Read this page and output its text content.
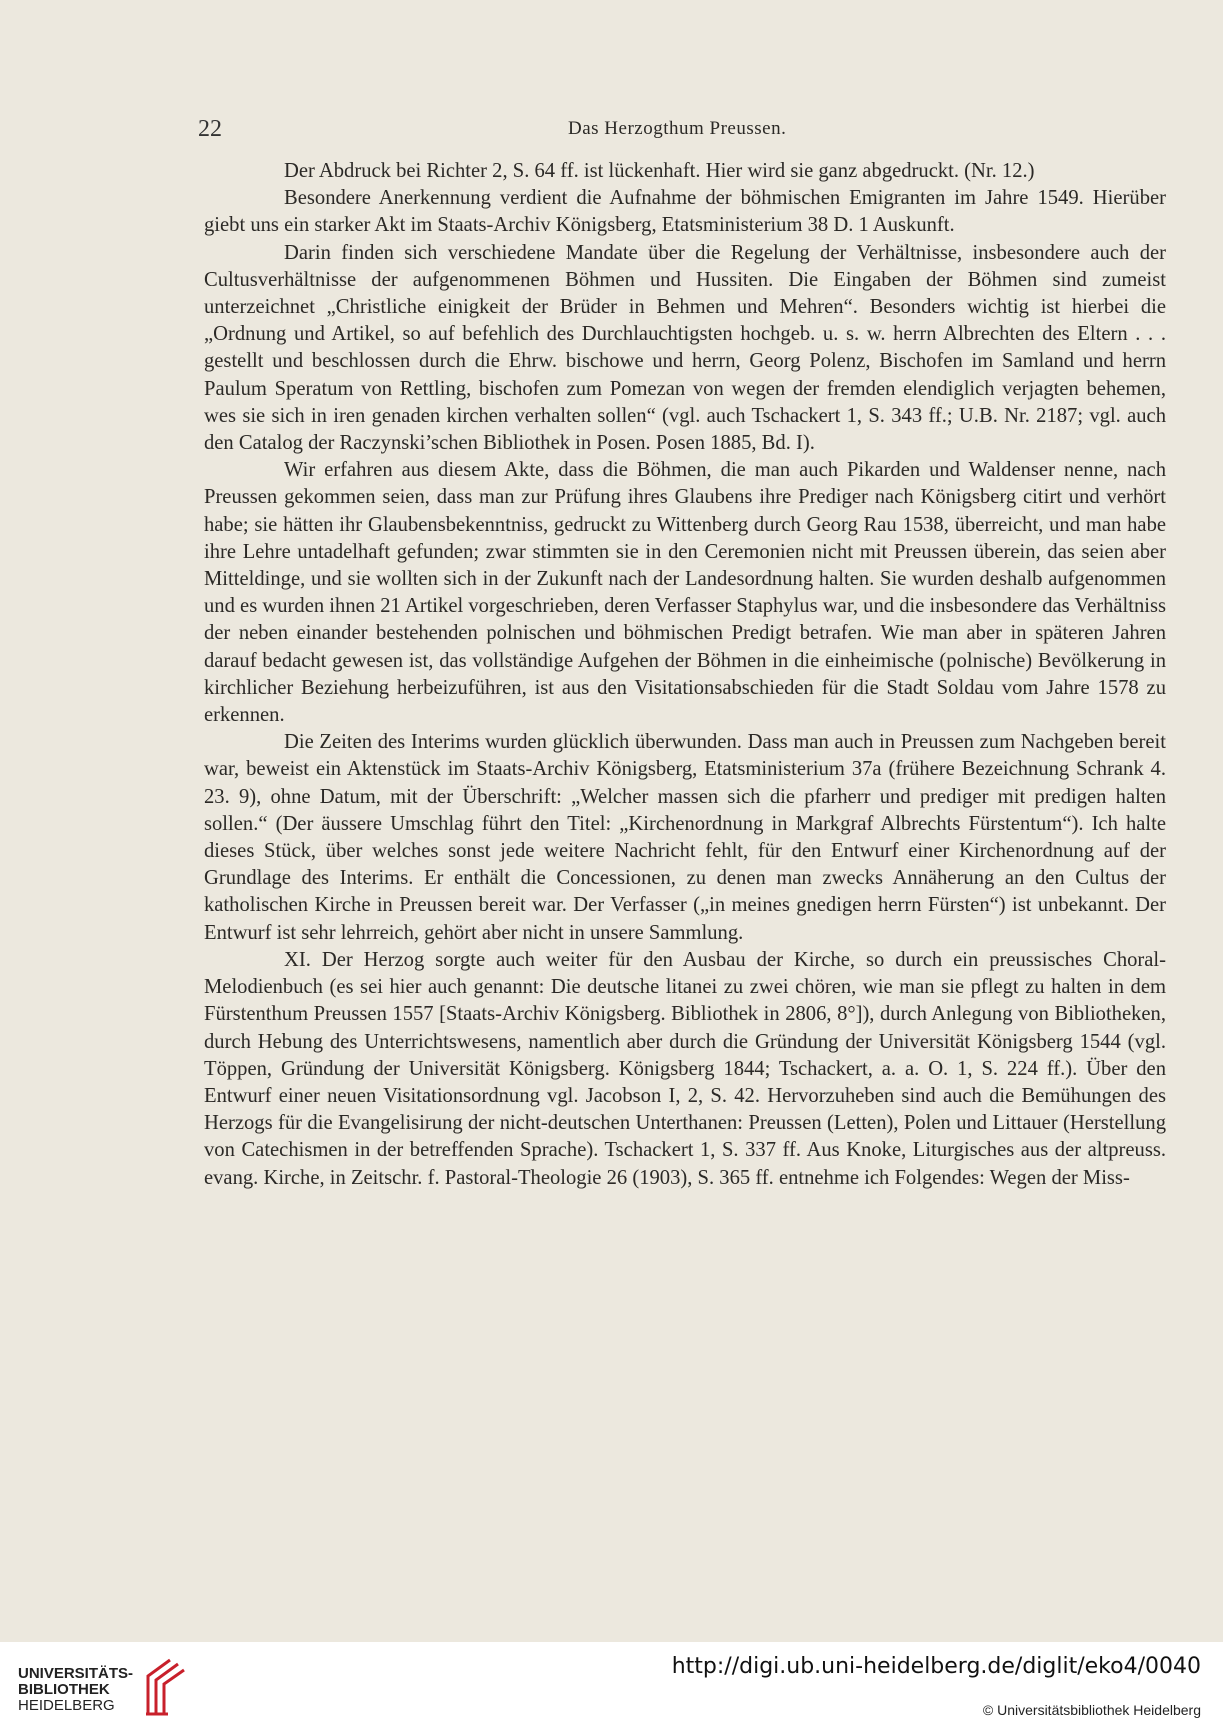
22	Das Herzogthum Preussen.

Der Abdruck bei Richter 2, S. 64 ff. ist lückenhaft. Hier wird sie ganz abgedruckt. (Nr. 12.)

Besondere Anerkennung verdient die Aufnahme der böhmischen Emigranten im Jahre 1549. Hierüber giebt uns ein starker Akt im Staats-Archiv Königsberg, Etatsministerium 38 D. 1 Auskunft.

Darin finden sich verschiedene Mandate über die Regelung der Verhältnisse, insbesondere auch der Cultusverhältnisse der aufgenommenen Böhmen und Hussiten. Die Eingaben der Böhmen sind zumeist unterzeichnet „Christliche einigkeit der Brüder in Behmen und Mehren“. Besonders wichtig ist hierbei die „Ordnung und Artikel, so auf befehlich des Durchlauchtigsten hochgeb. u. s. w. herrn Albrechten des Eltern . . . gestellt und beschlossen durch die Ehrw. bischowe und herrn, Georg Polenz, Bischofen im Samland und herrn Paulum Speratum von Rettling, bischofen zum Pomezan von wegen der fremden elendiglich verjagten behemen, wes sie sich in iren genaden kirchen verhalten sollen“ (vgl. auch Tschackert 1, S. 343 ff.; U.B. Nr. 2187; vgl. auch den Catalog der Raczynski’schen Bibliothek in Posen. Posen 1885, Bd. I).

Wir erfahren aus diesem Akte, dass die Böhmen, die man auch Pikarden und Waldenser nenne, nach Preussen gekommen seien, dass man zur Prüfung ihres Glaubens ihre Prediger nach Königsberg citirt und verhört habe; sie hätten ihr Glaubensbekenntniss, gedruckt zu Wittenberg durch Georg Rau 1538, überreicht, und man habe ihre Lehre untadelhaft gefunden; zwar stimmten sie in den Ceremonien nicht mit Preussen überein, das seien aber Mitteldinge, und sie wollten sich in der Zukunft nach der Landesordnung halten. Sie wurden deshalb aufgenommen und es wurden ihnen 21 Artikel vorgeschrieben, deren Verfasser Staphylus war, und die insbesondere das Verhältniss der neben einander bestehenden polnischen und böhmischen Predigt betrafen. Wie man aber in späteren Jahren darauf bedacht gewesen ist, das vollständige Aufgehen der Böhmen in die einheimische (polnische) Bevölkerung in kirchlicher Beziehung herbeizuführen, ist aus den Visitationsabschieden für die Stadt Soldau vom Jahre 1578 zu erkennen.

Die Zeiten des Interims wurden glücklich überwunden. Dass man auch in Preussen zum Nachgeben bereit war, beweist ein Aktenstück im Staats-Archiv Königsberg, Etatsministerium 37a (frühere Bezeichnung Schrank 4. 23. 9), ohne Datum, mit der Überschrift: „Welcher massen sich die pfarherr und prediger mit predigen halten sollen.“ (Der äussere Umschlag führt den Titel: „Kirchenordnung in Markgraf Albrechts Fürstentum“). Ich halte dieses Stück, über welches sonst jede weitere Nachricht fehlt, für den Entwurf einer Kirchenordnung auf der Grundlage des Interims. Er enthält die Concessionen, zu denen man zwecks Annäherung an den Cultus der katholischen Kirche in Preussen bereit war. Der Verfasser („in meines gnedigen herrn Fürsten“) ist unbekannt. Der Entwurf ist sehr lehrreich, gehört aber nicht in unsere Sammlung.

XI. Der Herzog sorgte auch weiter für den Ausbau der Kirche, so durch ein preussisches Choral-Melodienbuch (es sei hier auch genannt: Die deutsche litanei zu zwei chören, wie man sie pflegt zu halten in dem Fürstenthum Preussen 1557 [Staats-Archiv Königsberg. Bibliothek in 2806, 8°]), durch Anlegung von Bibliotheken, durch Hebung des Unterrichtswesens, namentlich aber durch die Gründung der Universität Königsberg 1544 (vgl. Töppen, Gründung der Universität Königsberg. Königsberg 1844; Tschackert, a. a. O. 1, S. 224 ff.). Über den Entwurf einer neuen Visitationsordnung vgl. Jacobson I, 2, S. 42. Hervorzuheben sind auch die Bemühungen des Herzogs für die Evangelisirung der nicht-deutschen Unterthanen: Preussen (Letten), Polen und Littauer (Herstellung von Catechismen in der betreffenden Sprache). Tschackert 1, S. 337 ff. Aus Knoke, Liturgisches aus der altpreuss. evang. Kirche, in Zeitschr. f. Pastoral-Theologie 26 (1903), S. 365 ff. entnehme ich Folgendes: Wegen der Miss-

UNIVERSITÄTS-
BIBLIOTHEK
HEIDELBERG
http://digi.ub.uni-heidelberg.de/diglit/eko4/0040
© Universitätsbibliothek Heidelberg
